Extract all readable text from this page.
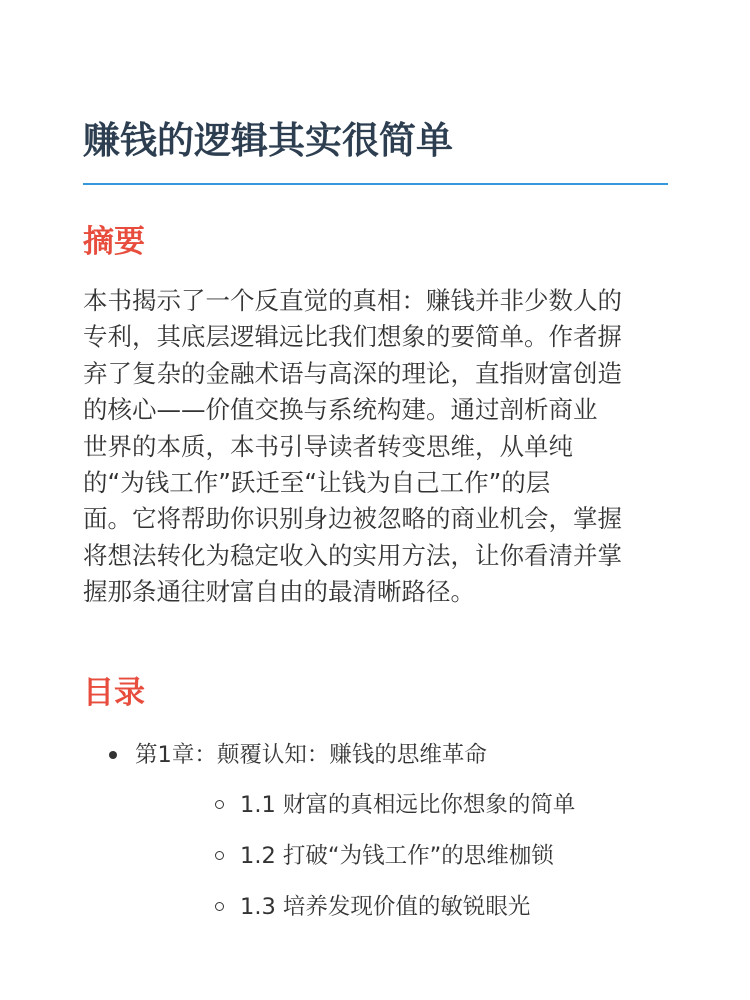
赚钱的逻辑其实很简单
摘要

本书揭示了一个反直觉的真相：赚钱并非少数人的
专利，其底层逻辑远比我们想象的要简单。作者摒
弃了复杂的金融术语与高深的理论，直指财富创造
的核心——价值交换与系统构建。通过剖析商业
世界的本质，本书引导读者转变思维，从单纯
的“为钱工作”跃迁至“让钱为自己工作”的层
面。它将帮助你识别身边被忽略的商业机会，掌握
将想法转化为稳定收入的实用方法，让你看清并掌
握那条通往财富自由的最清晰路径。

目录
第1章：颠覆认知：赚钱的思维革命
1.1 财富的真相远比你想象的简单
1.2 打破“为钱工作”的思维枷锁
1.3 培养发现价值的敏锐眼光
